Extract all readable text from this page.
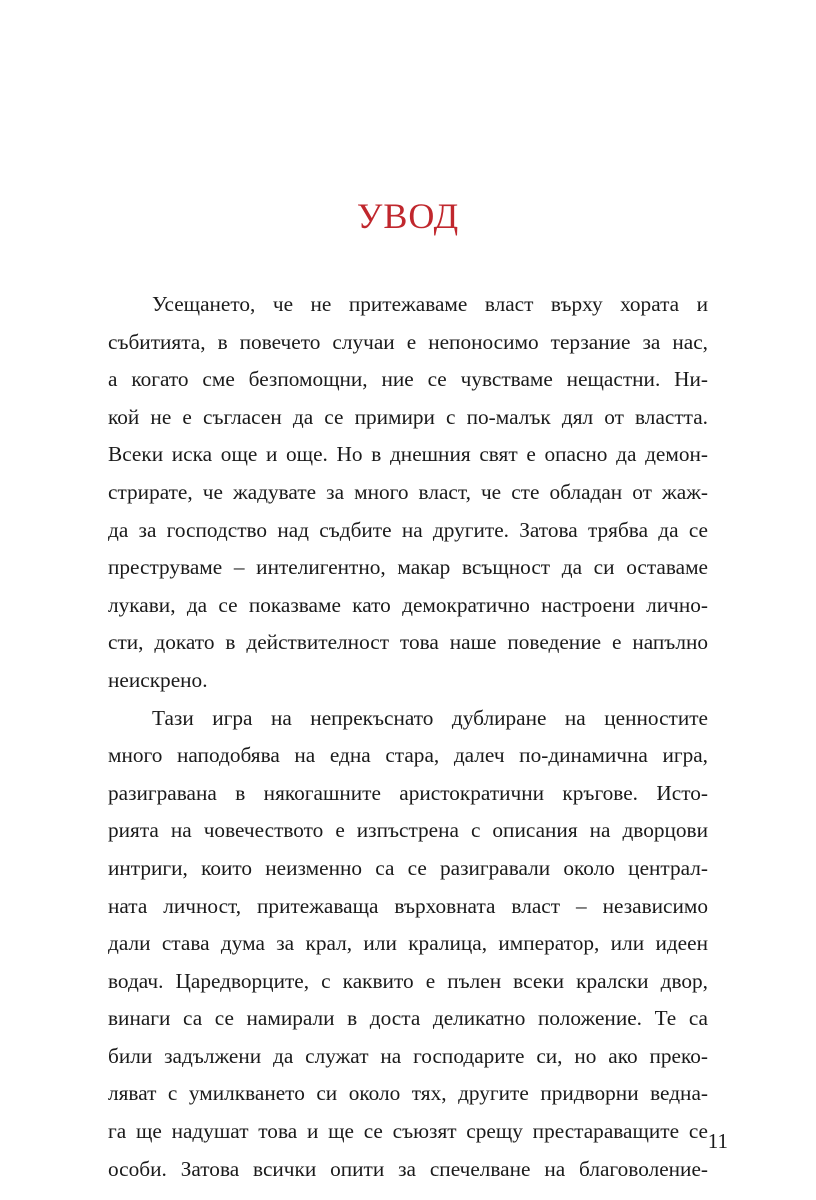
УВОД
Усещането, че не притежаваме власт върху хората и
събитията, в повечето случаи е непоносимо терзание за нас,
а когато сме безпомощни, ние се чувстваме нещастни. Ни-
кой не е съгласен да се примири с по-малък дял от властта.
Всеки иска още и още. Но в днешния свят е опасно да демон-
стрирате, че жадувате за много власт, че сте обладан от жаж-
да за господство над съдбите на другите. Затова трябва да се
преструваме – интелигентно, макар всъщност да си оставаме
лукави, да се показваме като демократично настроени лично-
сти, докато в действителност това наше поведение е напълно
неискрено.
Тази игра на непрекъснато дублиране на ценностите
много наподобява на една стара, далеч по-динамична игра,
разигравана в някогашните аристократични кръгове. Исто-
рията на човечеството е изпъстрена с описания на дворцови
интриги, които неизменно са се разигравали около централ-
ната личност, притежаваща върховната власт – независимо
дали става дума за крал, или кралица, император, или идеен
водач. Царедворците, с каквито е пълен всеки кралски двор,
винаги са се намирали в доста деликатно положение. Те са
били задължени да служат на господарите си, но ако преко-
ляват с умилкването си около тях, другите придворни ведна-
га ще надушат това и ще се съюзят срещу престараващите се
особи. Затова всички опити за спечелване на благоволение-
11
